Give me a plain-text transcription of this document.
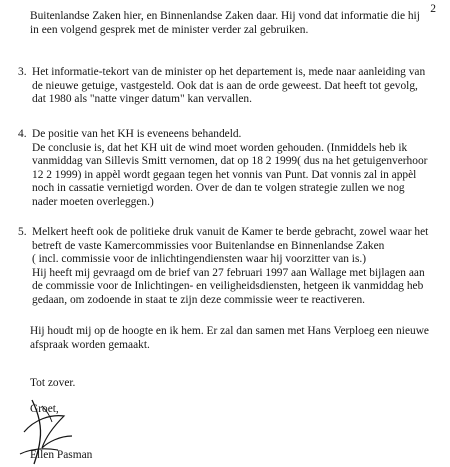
2
Buitenlandse Zaken hier, en Binnenlandse Zaken daar. Hij vond dat informatie die hij
in een volgend gesprek met de minister verder zal gebruiken.
3. Het informatie-tekort van de minister op het departement is, mede naar aanleiding van
de nieuwe getuige, vastgesteld. Ook dat is aan de orde geweest. Dat heeft tot gevolg,
dat 1980 als "natte vinger datum" kan vervallen.
4. De positie van het KH is eveneens behandeld.
De conclusie is, dat het KH uit de wind moet worden gehouden. (Inmiddels heb ik
vanmiddag van Sillevis Smitt vernomen, dat op 18 2 1999( dus na het getuigenverhoor
12 2 1999) in appèl wordt gegaan tegen het vonnis van Punt. Dat vonnis zal in appèl
noch in cassatie vernietigd worden. Over de dan te volgen strategie zullen we nog
nader moeten overleggen.)
5. Melkert heeft ook de politieke druk vanuit de Kamer te berde gebracht, zowel waar het
betreft de vaste Kamercommissies voor Buitenlandse en Binnenlandse Zaken
( incl. commissie voor de inlichtingendiensten waar hij voorzitter van is.)
Hij heeft mij gevraagd om de brief van 27 februari 1997 aan Wallage met bijlagen aan
de commissie voor de Inlichtingen- en veiligheidsdiensten, hetgeen ik vanmiddag heb
gedaan, om zodoende in staat te zijn deze commissie weer te reactiveren.
Hij houdt mij op de hoogte en ik hem. Er zal dan samen met Hans Verploeg een nieuwe
afspraak worden gemaakt.
Tot zover.
Groet,
Ellen Pasman
